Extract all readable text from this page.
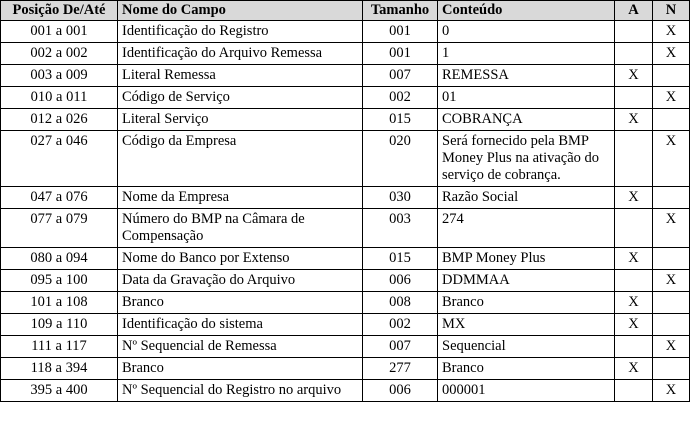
Posição De/Até	Nome do Campo	Tamanho	Conteúdo	A	N
001 a 001	Identificação do Registro	001	0		X
002 a 002	Identificação do Arquivo Remessa	001	1		X
003 a 009	Literal Remessa	007	REMESSA	X	
010 a 011	Código de Serviço	002	01		X
012 a 026	Literal Serviço	015	COBRANÇA	X	
027 a 046	Código da Empresa	020	Será fornecido pela BMP Money Plus na ativação do serviço de cobrança.		X
047 a 076	Nome da Empresa	030	Razão Social	X	
077 a 079	Número do BMP na Câmara de Compensação	003	274		X
080 a 094	Nome do Banco por Extenso	015	BMP Money Plus	X	
095 a 100	Data da Gravação do Arquivo	006	DDMMAA		X
101 a 108	Branco	008	Branco	X	
109 a 110	Identificação do sistema	002	MX	X	
111 a 117	Nº Sequencial de Remessa	007	Sequencial		X
118 a 394	Branco	277	Branco	X	
395 a 400	Nº Sequencial do Registro no arquivo	006	000001		X
